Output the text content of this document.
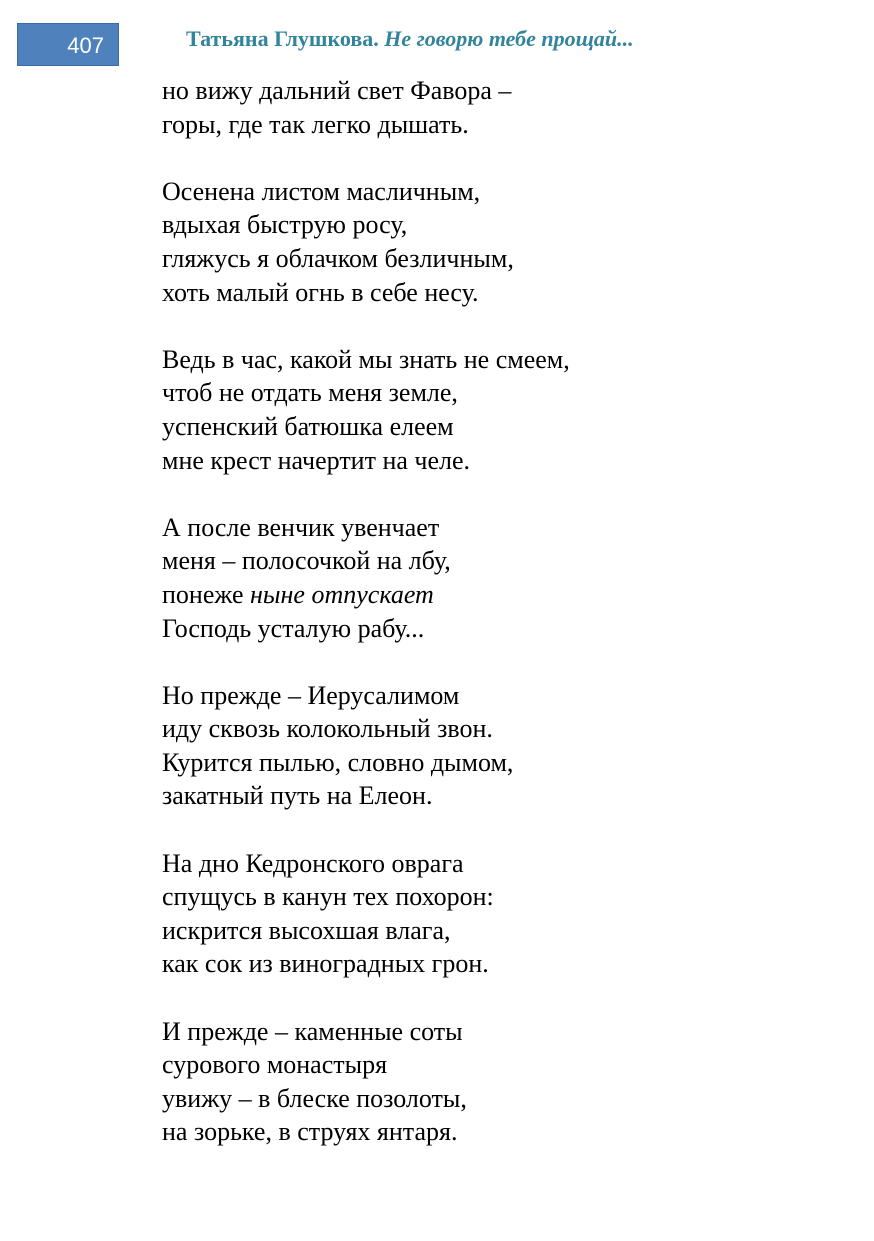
407	Татьяна Глушкова. Не говорю тебе прощай...
но вижу дальний свет Фавора –
горы, где так легко дышать.
Осенена листом масличным,
вдыхая быструю росу,
гляжусь я облачком безличным,
хоть малый огнь в себе несу.
Ведь в час, какой мы знать не смеем,
чтоб не отдать меня земле,
успенский батюшка елеем
мне крест начертит на челе.
А после венчик увенчает
меня – полосочкой на лбу,
понеже ныне отпускает
Господь усталую рабу...
Но прежде – Иерусалимом
иду сквозь колокольный звон.
Курится пылью, словно дымом,
закатный путь на Елеон.
На дно Кедронского оврага
спущусь в канун тех похорон:
искрится высохшая влага,
как сок из виноградных грон.
И прежде – каменные соты
сурового монастыря
увижу – в блеске позолоты,
на зорьке, в струях янтаря.
